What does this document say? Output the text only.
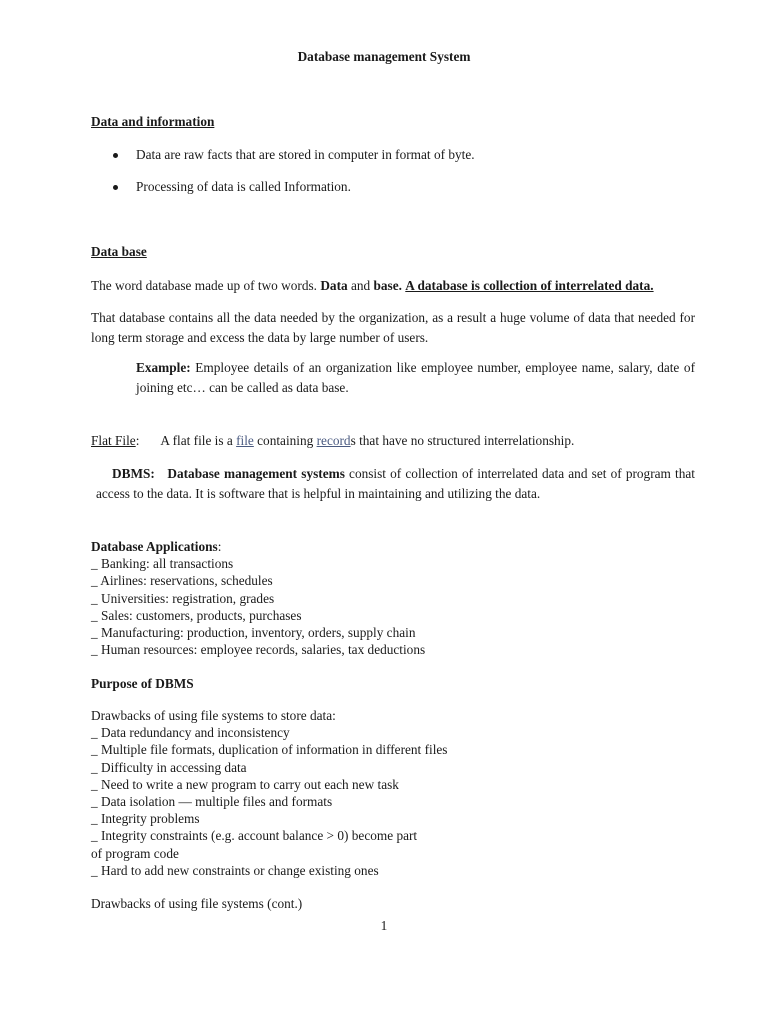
Database management System
Data and information
Data are raw facts that are stored in computer in format of byte.
Processing of data is called Information.
Data base
The word database made up of two words. Data and base. A database is collection of interrelated data.
That database contains all the data needed by the organization, as a result a huge volume of data that needed for long term storage and excess the data by large number of users.
Example: Employee details of an organization like employee number, employee name, salary, date of joining etc… can be called as data base.
Flat File: A flat file is a file containing records that have no structured interrelationship.
DBMS: Database management systems consist of collection of interrelated data and set of program that access to the data. It is software that is helpful in maintaining and utilizing the data.
Database Applications:
_ Banking: all transactions
_ Airlines: reservations, schedules
_ Universities: registration, grades
_ Sales: customers, products, purchases
_ Manufacturing: production, inventory, orders, supply chain
_ Human resources: employee records, salaries, tax deductions
Purpose of DBMS
Drawbacks of using file systems to store data:
_ Data redundancy and inconsistency
_ Multiple file formats, duplication of information in different files
_ Difficulty in accessing data
_ Need to write a new program to carry out each new task
_ Data isolation — multiple files and formats
_ Integrity problems
_ Integrity constraints (e.g. account balance > 0) become part
of program code
_ Hard to add new constraints or change existing ones
Drawbacks of using file systems (cont.)
1
